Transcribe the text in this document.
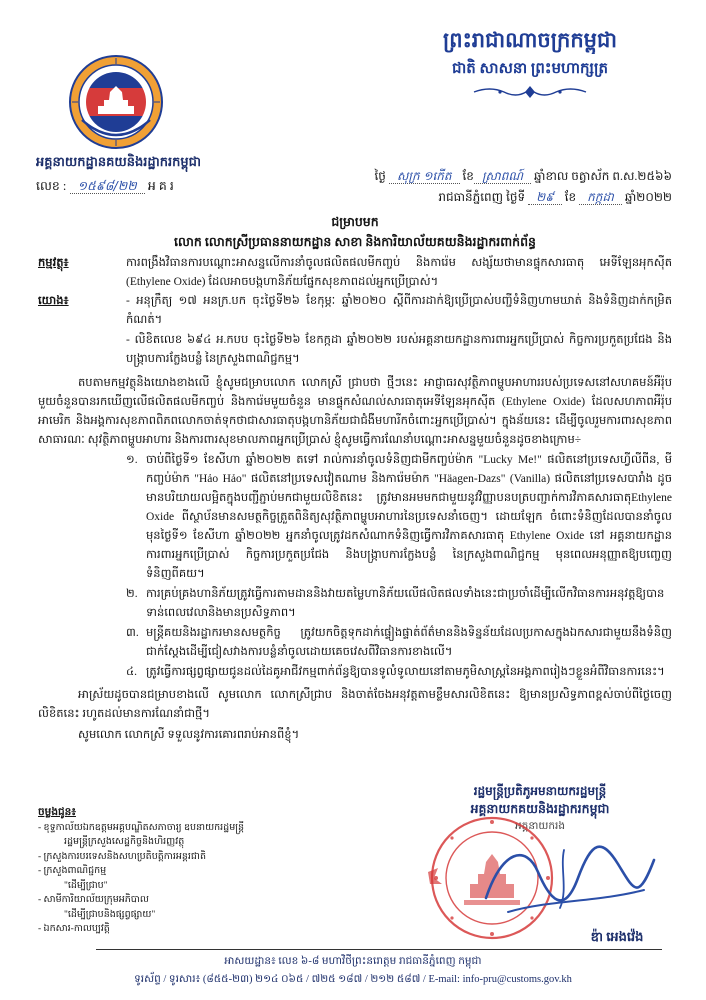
ព្រះរាជាណាចក្រកម្ពុជា
ជាតិ សាសនា ព្រះមហាក្សត្រ
អគ្គនាយកដ្ឋានគយនិងរដ្ឋាករកម្ពុជា
លេខ : ១៥៩៨/២២ អ គ រ
ថ្ងៃ សុក្រ ១កើត ខែ ស្រាពណ៍ ឆ្នាំខាល ចត្វាស័ក ព.ស.២៥៦៦
រាជធានីភ្នំពេញ ថ្ងៃទី ២៩ ខែ កក្កដា ឆ្នាំ២០២២
ជម្រាបមក
លោក លោកស្រីប្រធាននាយកដ្ឋាន សាខា និងការិយាល័យគយនិងរដ្ឋាករពាក់ព័ន្ធ
កម្មវត្ថុ៖	ការពង្រឹងវិធានការបណ្តោះអាសន្នលើការនាំចូលផលិតផលមីកញ្ចប់ និងការ៉េម សង្ស័យថាមានផ្ទុកសារធាតុ អេទីឡែនអុកស៊ីត (Ethylene Oxide) ដែលអាចបង្កហានិភ័យផ្នែកសុខភាពដល់អ្នកប្រើប្រាស់។
យោង៖	- អនុក្រឹត្យ ១៧ អនក្រ.បក ចុះថ្ងៃទី២៦ ខែកុម្ភៈ ឆ្នាំ២០២០ ស្តីពីការដាក់ឱ្យប្រើប្រាស់បញ្ជីទំនិញហាមឃាត់ និងទំនិញដាក់កម្រិតកំណត់។
- លិខិតលេខ ៦៩៤ អ.កបប ចុះថ្ងៃទី២៦ ខែកក្កដា ឆ្នាំ២០២២ របស់អគ្គនាយកដ្ឋានការពារអ្នកប្រើប្រាស់ កិច្ចការប្រកួតប្រជែង និងបង្ក្រាបការក្លែងបន្លំ នៃក្រសួងពាណិជ្ជកម្ម។
តបតាមកម្មវត្ថុនិងយោងខាងលើ ខ្ញុំសូមជម្រាបលោក លោកស្រី ជ្រាបថា ថ្មីៗនេះ អាជ្ញាធរសុវត្ថិភាពម្ហូបអាហាររបស់ប្រទេសនៅសហគមន៍អឺរ៉ុបមួយចំនួនបានរកឃើញលើផលិតផលមីកញ្ចប់ និងការ៉េមមួយចំនួន មានផ្ទុកសំណល់សារធាតុអេទីឡែនអុកស៊ីត (Ethylene Oxide) ដែលសហភាពអឺរ៉ុប អាមេរិក និងអង្គការសុខភាពពិភពលោកចាត់ទុកថាជាសារធាតុបង្កហានិភ័យជាជំងឺមហារីកចំពោះអ្នកប្រើប្រាស់។ ក្នុងន័យនេះ ដើម្បីចូលរួមការពារសុខភាពសាធារណៈ សុវត្ថិភាពម្ហូបអាហារ និងការពារសុខមាលភាពអ្នកប្រើប្រាស់ ខ្ញុំសូមធ្វើការណែនាំបណ្តោះអាសន្នមួយចំនួនដូចខាងក្រោម÷
១. ចាប់ពីថ្ងៃទី១ ខែសីហា ឆ្នាំ២០២២ តទៅ រាល់ការនាំចូលទំនិញជាមីកញ្ចប់ម៉ាក "Lucky Me!" ផលិតនៅប្រទេសហ្វីលីពីន, មីកញ្ចប់ម៉ាក "Hảo Hảo" ផលិតនៅប្រទេសវៀតណាម និងការ៉េមម៉ាក "Häagen-Dazs" (Vanilla) ផលិតនៅប្រទេសបារាំង ដូចមានបរិយាយលម្អិតក្នុងបញ្ជីភ្ជាប់មកជាមួយលិខិតនេះ ត្រូវមានអមមកជាមួយនូវវិញ្ញាបនបត្របញ្ជាក់ការវិភាគសារធាតុEthylene Oxide ពីស្ថាប័នមានសមត្ថកិច្ចត្រួតពិនិត្យសុវត្ថិភាពម្ហូបអាហារនៃប្រទេសនាំចេញ។ ដោយឡែក ចំពោះទំនិញដែលបាននាំចូលមុនថ្ងៃទី១ ខែសីហា ឆ្នាំ២០២២ អ្នកនាំចូលត្រូវដកសំណាកទំនិញធ្វើការវិភាគសារធាតុ Ethylene Oxide នៅ អគ្គនាយកដ្ឋានការពារអ្នកប្រើប្រាស់ កិច្ចការប្រកួតប្រជែង និងបង្ក្រាបការក្លែងបន្លំ នៃក្រសួងពាណិជ្ជកម្ម មុនពេលអនុញ្ញាតឱ្យបញ្ចេញទំនិញពីគយ។
២. ការគ្រប់គ្រងហានិភ័យត្រូវធ្វើការតាមដាននិងវាយតម្លៃហានិភ័យលើផលិតផលទាំងនេះជាប្រចាំដើម្បីលើកវិធានការអនុវត្តឱ្យបានទាន់ពេលវេលានិងមានប្រសិទ្ធភាព។
៣. មន្ត្រីគយនិងរដ្ឋាករមានសមត្ថកិច្ច ត្រូវយកចិត្តទុកដាក់ផ្ទៀងផ្ទាត់ព័ត៌មាននិងទិន្នន័យដែលប្រកាសក្នុងឯកសារជាមួយនឹងទំនិញជាក់ស្តែងដើម្បីជៀសវាងការបន្លំនាំចូលដោយគេចវេសពីវិធានការខាងលើ។
៤. ត្រូវធ្វើការផ្សព្វផ្សាយជូនដល់ដៃគូអាជីវកម្មពាក់ព័ន្ធឱ្យបានទូលំទូលាយនៅតាមភូមិសាស្ត្រនៃអង្គភាពរៀងៗខ្លួនអំពីវិធានការនេះ។
អាស្រ័យដូចបានជម្រាបខាងលើ សូមលោក លោកស្រីជ្រាប និងចាត់ចែងអនុវត្តតាមខ្លឹមសារលិខិតនេះ ឱ្យមានប្រសិទ្ធភាពខ្ពស់ចាប់ពីថ្ងៃចេញលិខិតនេះ រហូតដល់មានការណែនាំជាថ្មី។
សូមលោក លោកស្រី ទទួលនូវការគោរពរាប់អានពីខ្ញុំ។
ចម្លងជូន៖
- ខុទ្ទកាល័យឯកឧត្តមអគ្គបណ្ឌិតសភាចារ្យ ឧបនាយករដ្ឋមន្ត្រី
រដ្ឋមន្ត្រីក្រសួងសេដ្ឋកិច្ចនិងហិរញ្ញវត្ថុ
- ក្រសួងការបរទេសនិងសហប្រតិបត្តិការអន្តរជាតិ
- ក្រសួងពាណិជ្ជកម្ម
"ដើម្បីជ្រាប"
- សាមីការិយាល័យក្រុមអភិបាល
"ដើម្បីជ្រាបនិងផ្សព្វផ្សាយ"
- ឯកសារ-កាលប្បវត្តិ
រដ្ឋមន្ត្រីប្រតិភូអមនាយករដ្ឋមន្ត្រី
អគ្គនាយកគយនិងរដ្ឋាករកម្ពុជា
អគ្គនាយករង
ឌ៉ា អេងវ៉េង
អាសយដ្ឋាន៖ លេខ ៦-៨ មហាវិថីព្រះនរោត្តម រាជធានីភ្នំពេញ កម្ពុជា
ទូរស័ព្ទ / ទូរសារ៖ (៨៥៥-២៣) ២១៤ ០៦៥ / ៧២៥ ១៨៧ / ២១២ ៥៨៧ / E-mail: info-pru@customs.gov.kh
